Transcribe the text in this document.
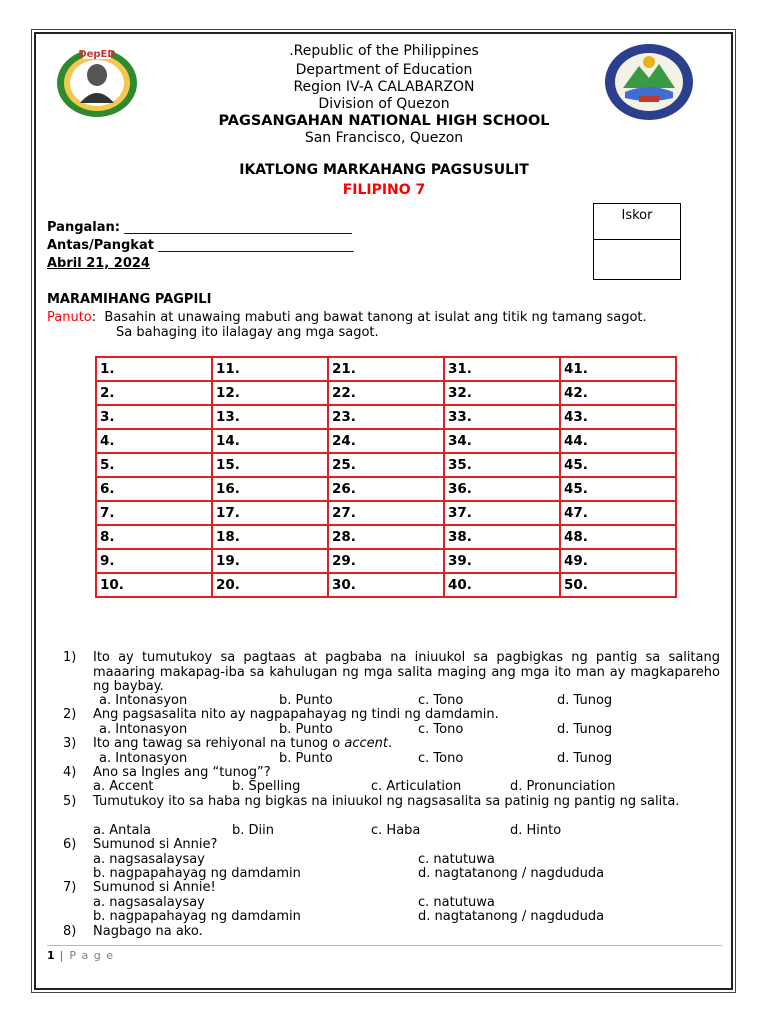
DepED	.Republic of the Philippines
Department of Education
Region IV-A CALABARZON
Division of Quezon
PAGSANGAHAN NATIONAL HIGH SCHOOL
San Francisco, Quezon
IKATLONG MARKAHANG PAGSUSULIT
FILIPINO 7
Pangalan: ___________________________________
Antas/Pangkat ______________________________
Abril 21, 2024
Iskor
MARAMIHANG PAGPILI
Panuto:  Basahin at unawaing mabuti ang bawat tanong at isulat ang titik ng tamang sagot.
Sa bahaging ito ilalagay ang mga sagot.
1.	11.	21.	31.	41.
2.	12.	22.	32.	42.
3.	13.	23.	33.	43.
4.	14.	24.	34.	44.
5.	15.	25.	35.	45.
6.	16.	26.	36.	45.
7.	17.	27.	37.	47.
8.	18.	28.	38.	48.
9.	19.	29.	39.	49.
10.	20.	30.	40.	50.
1)	Ito ay tumutukoy sa pagtaas at pagbaba na iniuukol sa pagbigkas ng pantig sa salitang maaaring makapag-iba sa kahulugan ng mga salita maging ang mga ito man ay magkapareho ng baybay.
a. Intonasyon	b. Punto	c. Tono	d. Tunog
2)	Ang pagsasalita nito ay nagpapahayag ng tindi ng damdamin.
a. Intonasyon	b. Punto	c. Tono	d. Tunog
3)	Ito ang tawag sa rehiyonal na tunog o accent.
a. Intonasyon	b. Punto	c. Tono	d. Tunog
4)	Ano sa Ingles ang “tunog”?
a. Accent	b. Spelling	c. Articulation	d. Pronunciation
5)	Tumutukoy ito sa haba ng bigkas na iniuukol ng nagsasalita sa patinig ng pantig ng salita.
a. Antala	b. Diin	c. Haba	d. Hinto
6)	Sumunod si Annie?
a. nagsasalaysay	c. natutuwa
b. nagpapahayag ng damdamin	d. nagtatanong / nagdududa
7)	Sumunod si Annie!
a. nagsasalaysay	c. natutuwa
b. nagpapahayag ng damdamin	d. nagtatanong / nagdududa
8)	Nagbago na ako.
1 | P a g e
